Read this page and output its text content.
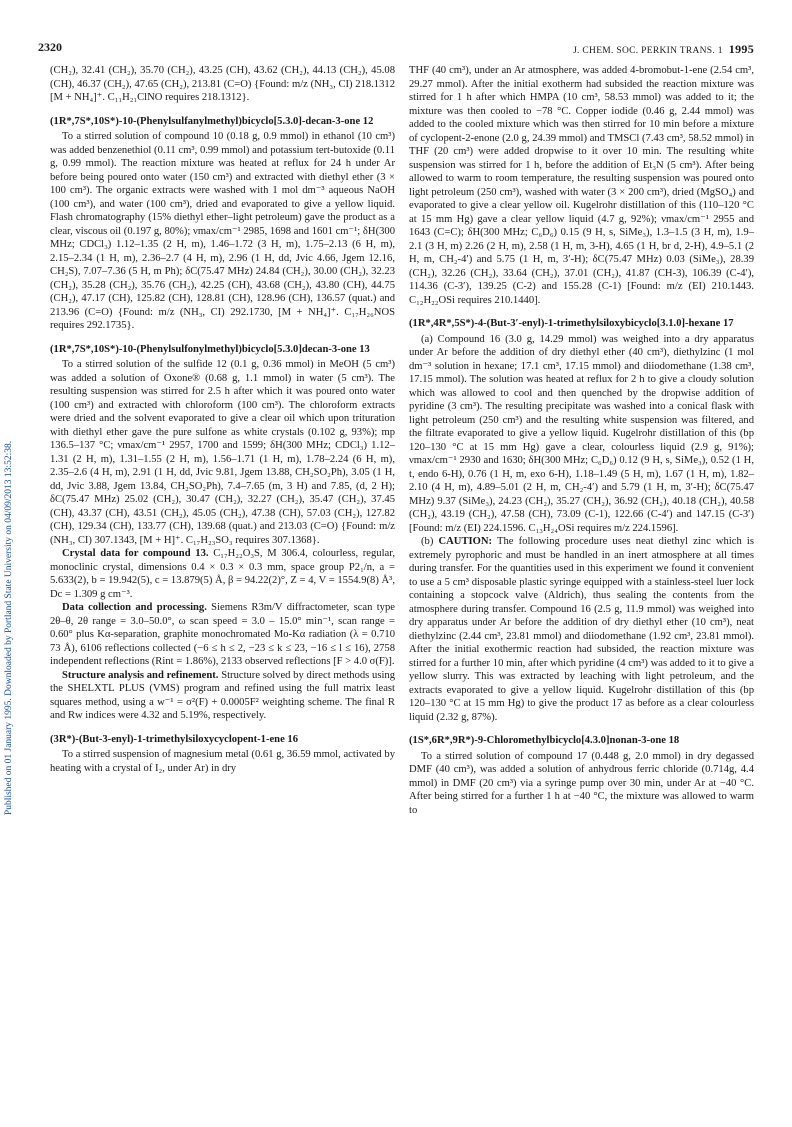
2320	J. CHEM. SOC. PERKIN TRANS. 1 1995
Published on 01 January 1995. Downloaded by Portland State University on 04/09/2013 13:52:38.

(CH₂), 32.41 (CH₂), 35.70 (CH₂), 43.25 (CH), 43.62 (CH₂), 44.13 (CH₂), 45.08 (CH), 46.37 (CH₂), 47.65 (CH₂), 213.81 (C=O) {Found: m/z (NH₃, CI) 218.1312 [M + NH₄]⁺. C₁₁H₂₁ClNO requires 218.1312}.

(1R*,7S*,10S*)-10-(Phenylsulfanylmethyl)bicyclo[5.3.0]-decan-3-one 12

To a stirred solution of compound 10 (0.18 g, 0.9 mmol) in ethanol (10 cm³) was added benzenethiol (0.11 cm³, 0.99 mmol) and potassium tert-butoxide (0.11 g, 0.99 mmol). The reaction mixture was heated at reflux for 24 h under Ar before being poured onto water (150 cm³) and extracted with diethyl ether (3 × 100 cm³). The organic extracts were washed with 1 mol dm⁻³ aqueous NaOH (100 cm³), and water (100 cm³), dried and evaporated to give a yellow liquid. Flash chromatography (15% diethyl ether–light petroleum) gave the product as a clear, viscous oil (0.197 g, 80%); νmax/cm⁻¹ 2985, 1698 and 1601 cm⁻¹; δH(300 MHz; CDCl₃) 1.12–1.35 (2 H, m), 1.46–1.72 (3 H, m), 1.75–2.13 (6 H, m), 2.15–2.34 (1 H, m), 2.36–2.7 (4 H, m), 2.96 (1 H, dd, Jvic 4.66, Jgem 12.16, CH₂S), 7.07–7.36 (5 H, m Ph); δC(75.47 MHz) 24.84 (CH₂), 30.00 (CH₂), 32.23 (CH₂), 35.28 (CH₂), 35.76 (CH₂), 42.25 (CH), 43.68 (CH₂), 43.80 (CH), 44.75 (CH₂), 47.17 (CH), 125.82 (CH), 128.81 (CH), 128.96 (CH), 136.57 (quat.) and 213.96 (C=O) {Found: m/z (NH₃, CI) 292.1730, [M + NH₄]⁺. C₁₇H₂₆NOS requires 292.1735}.

(1R*,7S*,10S*)-10-(Phenylsulfonylmethyl)bicyclo[5.3.0]decan-3-one 13

To a stirred solution of the sulfide 12 (0.1 g, 0.36 mmol) in MeOH (5 cm³) was added a solution of Oxone® (0.68 g, 1.1 mmol) in water (5 cm³). The resulting suspension was stirred for 2.5 h after which it was poured onto water (100 cm³) and extracted with chloroform (100 cm³). The chloroform extracts were dried and the solvent evaporated to give a clear oil which upon trituration with diethyl ether gave the pure sulfone as white crystals (0.102 g, 93%); mp 136.5–137 °C; νmax/cm⁻¹ 2957, 1700 and 1599; δH(300 MHz; CDCl₃) 1.12–1.31 (2 H, m), 1.31–1.55 (2 H, m), 1.56–1.71 (1 H, m), 1.78–2.24 (6 H, m), 2.35–2.6 (4 H, m), 2.91 (1 H, dd, Jvic 9.81, Jgem 13.88, CH₂SO₂Ph), 3.05 (1 H, dd, Jvic 3.88, Jgem 13.84, CH₂SO₂Ph), 7.4–7.65 (m, 3 H) and 7.85, (d, 2 H); δC(75.47 MHz) 25.02 (CH₂), 30.47 (CH₂), 32.27 (CH₂), 35.47 (CH₂), 37.45 (CH), 43.37 (CH), 43.51 (CH₂), 45.05 (CH₂), 47.38 (CH), 57.03 (CH₂), 127.82 (CH), 129.34 (CH), 133.77 (CH), 139.68 (quat.) and 213.03 (C=O) {Found: m/z (NH₃, CI) 307.1343, [M + H]⁺. C₁₇H₂₃SO₃ requires 307.1368}.

Crystal data for compound 13. C₁₇H₂₂O₃S, M 306.4, colourless, regular, monoclinic crystal, dimensions 0.4 × 0.3 × 0.3 mm, space group P2₁/n, a = 5.633(2), b = 19.942(5), c = 13.879(5) Å, β = 94.22(2)°, Z = 4, V = 1554.9(8) Å³, Dc = 1.309 g cm⁻³.

Data collection and processing. Siemens R3m/V diffractometer, scan type 2θ–θ, 2θ range = 3.0–50.0°, ω scan speed = 3.0 – 15.0° min⁻¹, scan range = 0.60° plus Kα-separation, graphite monochromated Mo-Kα radiation (λ = 0.710 73 Å), 6106 reflections collected (−6 ≤ h ≤ 2, −23 ≤ k ≤ 23, −16 ≤ l ≤ 16), 2758 independent reflections (Rint = 1.86%), 2133 observed reflections [F > 4.0 σ(F)].

Structure analysis and refinement. Structure solved by direct methods using the SHELXTL PLUS (VMS) program and refined using the full matrix least squares method, using a w⁻¹ = σ²(F) + 0.0005F² weighting scheme. The final R and Rw indices were 4.32 and 5.19%, respectively.

(3R*)-(But-3-enyl)-1-trimethylsiloxycyclopent-1-ene 16

To a stirred suspension of magnesium metal (0.61 g, 36.59 mmol, activated by heating with a crystal of I₂, under Ar) in dry

THF (40 cm³), under an Ar atmosphere, was added 4-bromobut-1-ene (2.54 cm³, 29.27 mmol). After the initial exotherm had subsided the reaction mixture was stirred for 1 h after which HMPA (10 cm³, 58.53 mmol) was added to it; the mixture was then cooled to −78 °C. Copper iodide (0.46 g, 2.44 mmol) was added to the cooled mixture which was then stirred for 10 min before a mixture of cyclopent-2-enone (2.0 g, 24.39 mmol) and TMSCl (7.43 cm³, 58.52 mmol) in THF (20 cm³) were added dropwise to it over 10 min. The resulting white suspension was stirred for 1 h, before the addition of Et₃N (5 cm³). After being allowed to warm to room temperature, the resulting suspension was poured onto light petroleum (250 cm³), washed with water (3 × 200 cm³), dried (MgSO₄) and evaporated to give a clear yellow oil. Kugelrohr distillation of this (110–120 °C at 15 mm Hg) gave a clear yellow liquid (4.7 g, 92%); νmax/cm⁻¹ 2955 and 1643 (C=C); δH(300 MHz; C₆D₆) 0.15 (9 H, s, SiMe₃), 1.3–1.5 (3 H, m), 1.9–2.1 (3 H, m) 2.26 (2 H, m), 2.58 (1 H, m, 3-H), 4.65 (1 H, br d, 2-H), 4.9–5.1 (2 H, m, CH₂-4′) and 5.75 (1 H, m, 3′-H); δC(75.47 MHz) 0.03 (SiMe₃), 28.39 (CH₂), 32.26 (CH₂), 33.64 (CH₂), 37.01 (CH₂), 41.87 (CH-3), 106.39 (C-4′), 114.36 (C-3′), 139.25 (C-2) and 155.28 (C-1) [Found: m/z (EI) 210.1443. C₁₂H₂₂OSi requires 210.1440].

(1R*,4R*,5S*)-4-(But-3′-enyl)-1-trimethylsiloxybicyclo[3.1.0]-hexane 17

(a) Compound 16 (3.0 g, 14.29 mmol) was weighed into a dry apparatus under Ar before the addition of dry diethyl ether (40 cm³), diethylzinc (1 mol dm⁻³ solution in hexane; 17.1 cm³, 17.15 mmol) and diiodomethane (1.38 cm³, 17.15 mmol). The solution was heated at reflux for 2 h to give a cloudy solution which was allowed to cool and then quenched by the dropwise addition of pyridine (3 cm³). The resulting precipitate was washed into a conical flask with light petroleum (250 cm³) and the resulting white suspension was filtered, and the filtrate evaporated to give a yellow liquid. Kugelrohr distillation of this (bp 120–130 °C at 15 mm Hg) gave a clear, colourless liquid (2.9 g, 91%); νmax/cm⁻¹ 2930 and 1630; δH(300 MHz; C₆D₆) 0.12 (9 H, s, SiMe₃), 0.52 (1 H, t, endo 6-H), 0.76 (1 H, m, exo 6-H), 1.18–1.49 (5 H, m), 1.67 (1 H, m), 1.82–2.10 (4 H, m), 4.89–5.01 (2 H, m, CH₂-4′) and 5.79 (1 H, m, 3′-H); δC(75.47 MHz) 9.37 (SiMe₃), 24.23 (CH₂), 35.27 (CH₂), 36.92 (CH₂), 40.18 (CH₂), 40.58 (CH₂), 43.19 (CH₂), 47.58 (CH), 73.09 (C-1), 122.66 (C-4′) and 147.15 (C-3′) [Found: m/z (EI) 224.1596. C₁₃H₂₄OSi requires m/z 224.1596].

(b) CAUTION: The following procedure uses neat diethyl zinc which is extremely pyrophoric and must be handled in an inert atmosphere at all times during transfer. For the quantities used in this experiment we found it convenient to use a 5 cm³ disposable plastic syringe equipped with a stainless-steel luer lock containing a stopcock valve (Aldrich), thus sealing the contents from the atmosphere during transfer. Compound 16 (2.5 g, 11.9 mmol) was weighed into dry apparatus under Ar before the addition of dry diethyl ether (10 cm³), neat diethylzinc (2.44 cm³, 23.81 mmol) and diiodomethane (1.92 cm³, 23.81 mmol). After the initial exothermic reaction had subsided, the reaction mixture was stirred for a further 10 min, after which pyridine (4 cm³) was added to it to give a yellow slurry. This was extracted by leaching with light petroleum, and the extracts evaporated to give a yellow liquid. Kugelrohr distillation of this (bp 120–130 °C at 15 mm Hg) to give the product 17 as before as a clear colourless liquid (2.32 g, 87%).

(1S*,6R*,9R*)-9-Chloromethylbicyclo[4.3.0]nonan-3-one 18

To a stirred solution of compound 17 (0.448 g, 2.0 mmol) in dry degassed DMF (40 cm³), was added a solution of anhydrous ferric chloride (0.714g, 4.4 mmol) in DMF (20 cm³) via a syringe pump over 30 min, under Ar at −40 °C. After being stirred for a further 1 h at −40 °C, the mixture was allowed to warm to
